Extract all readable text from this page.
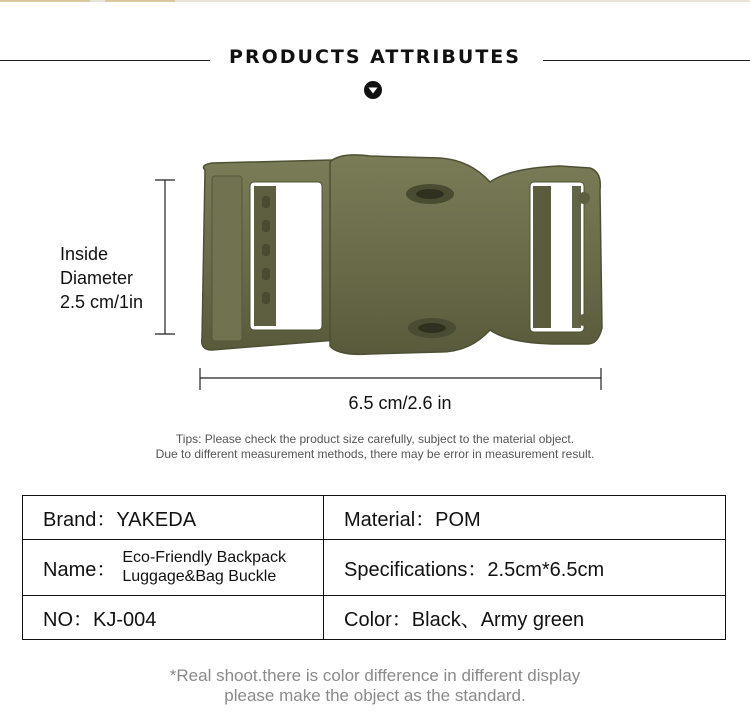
PRODUCTS ATTRIBUTES
Inside
Diameter
2.5 cm/1in
6.5 cm/2.6 in
Tips: Please check the product size carefully, subject to the material object.
Due to different measurement methods, there may be error in measurement result.
Brand：YAKEDA	Material：POM

Name：
Eco-Friendly Backpack
Luggage&Bag Buckle	Specifications：2.5cm*6.5cm
NO：KJ-004	Color：Black、Army green
*Real shoot.there is color difference in different display
please make the object as the standard.
